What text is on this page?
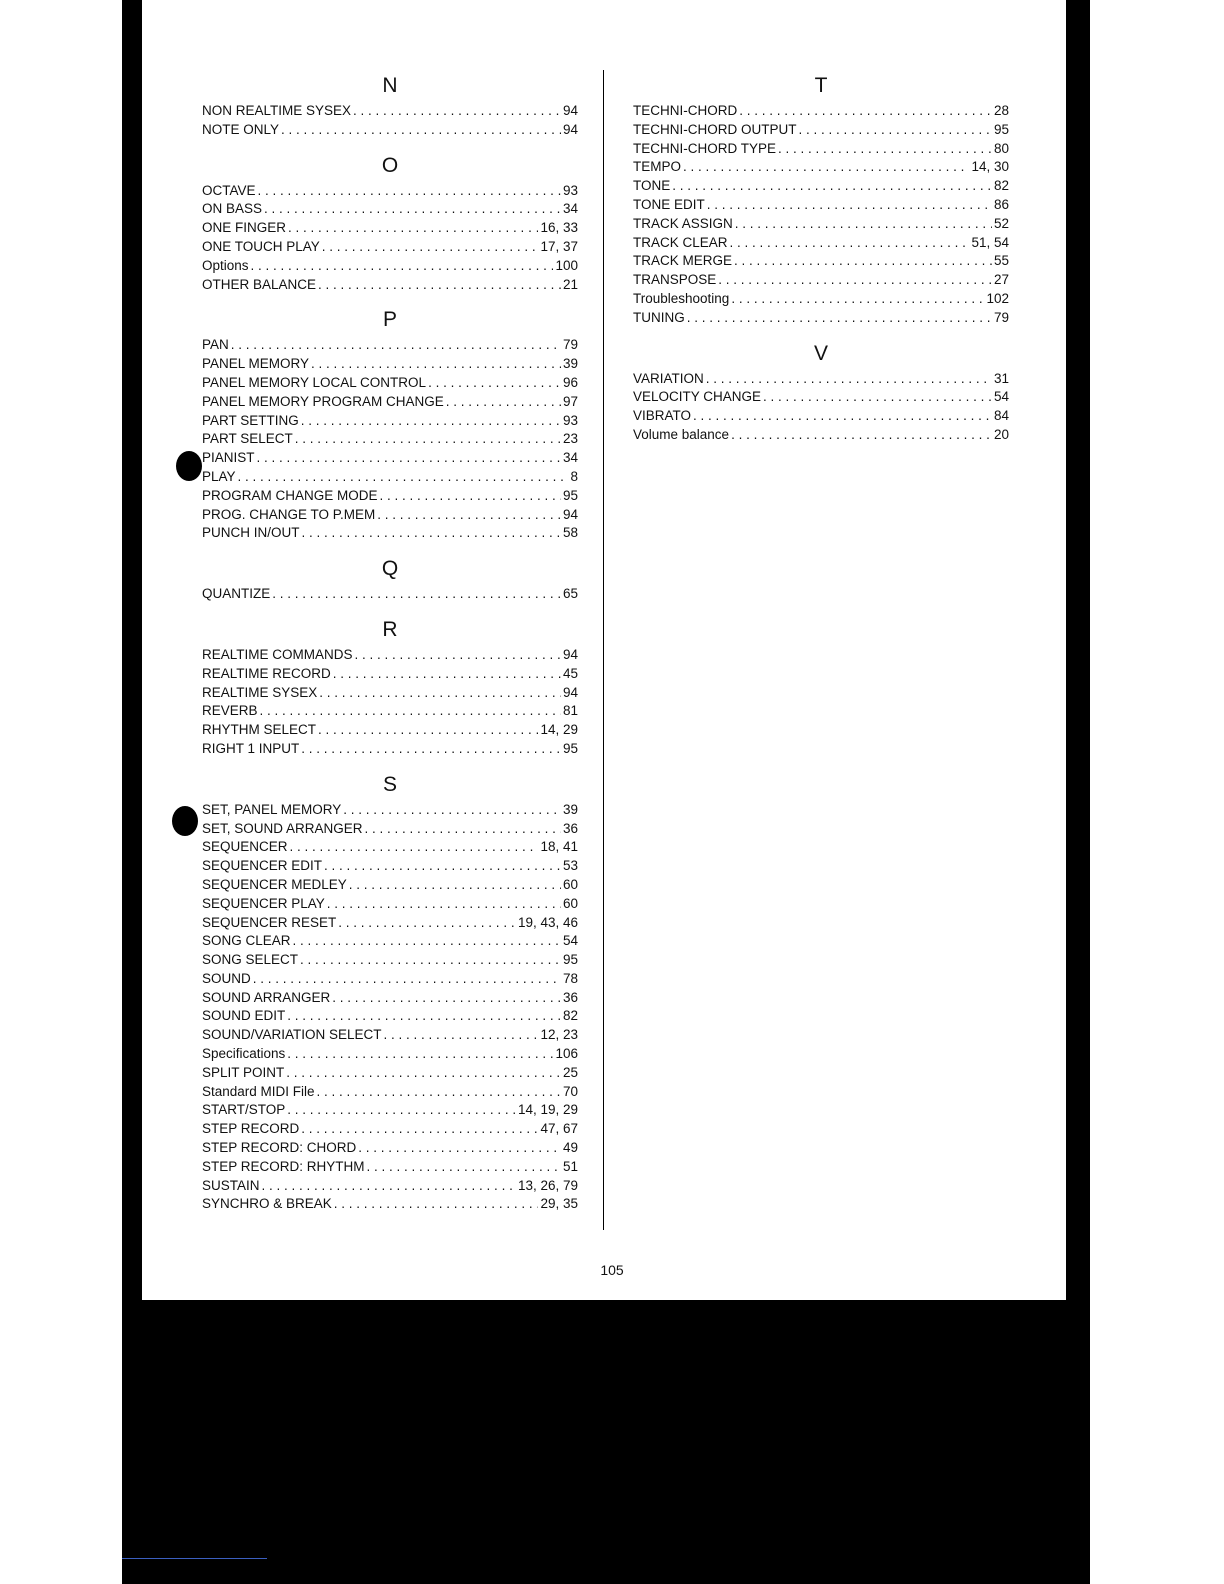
N
NON REALTIME SYSEX . . .	94
NOTE ONLY . . .	94
O
OCTAVE . . .	93
ON BASS . . .	34
ONE FINGER . . .	16, 33
ONE TOUCH PLAY . . .	17, 37
Options . . .	100
OTHER BALANCE . . .	21
P
PAN . . .	79
PANEL MEMORY . . .	39
PANEL MEMORY LOCAL CONTROL . . .	96
PANEL MEMORY PROGRAM CHANGE . . .	97
PART SETTING . . .	93
PART SELECT . . .	23
PIANIST . . .	34
PLAY . . .	8
PROGRAM CHANGE MODE . . .	95
PROG. CHANGE TO P.MEM . . .	94
PUNCH IN/OUT . . .	58
Q
QUANTIZE . . .	65
R
REALTIME COMMANDS . . .	94
REALTIME RECORD . . .	45
REALTIME SYSEX . . .	94
REVERB . . .	81
RHYTHM SELECT . . .	14, 29
RIGHT 1 INPUT . . .	95
S
SET, PANEL MEMORY . . .	39
SET, SOUND ARRANGER . . .	36
SEQUENCER . . .	18, 41
SEQUENCER EDIT . . .	53
SEQUENCER MEDLEY . . .	60
SEQUENCER PLAY . . .	60
SEQUENCER RESET . . .	19, 43, 46
SONG CLEAR . . .	54
SONG SELECT . . .	95
SOUND . . .	78
SOUND ARRANGER . . .	36
SOUND EDIT . . .	82
SOUND/VARIATION SELECT . . .	12, 23
Specifications . . .	106
SPLIT POINT . . .	25
Standard MIDI File . . .	70
START/STOP . . .	14, 19, 29
STEP RECORD . . .	47, 67
STEP RECORD: CHORD . . .	49
STEP RECORD: RHYTHM . . .	51
SUSTAIN . . .	13, 26, 79
SYNCHRO & BREAK . . .	29, 35
T
TECHNI-CHORD . . .	28
TECHNI-CHORD OUTPUT . . .	95
TECHNI-CHORD TYPE . . .	80
TEMPO . . .	14, 30
TONE . . .	82
TONE EDIT . . .	86
TRACK ASSIGN . . .	52
TRACK CLEAR . . .	51, 54
TRACK MERGE . . .	55
TRANSPOSE . . .	27
Troubleshooting . . .	102
TUNING . . .	79
V
VARIATION . . .	31
VELOCITY CHANGE . . .	54
VIBRATO . . .	84
Volume balance . . .	20
105
